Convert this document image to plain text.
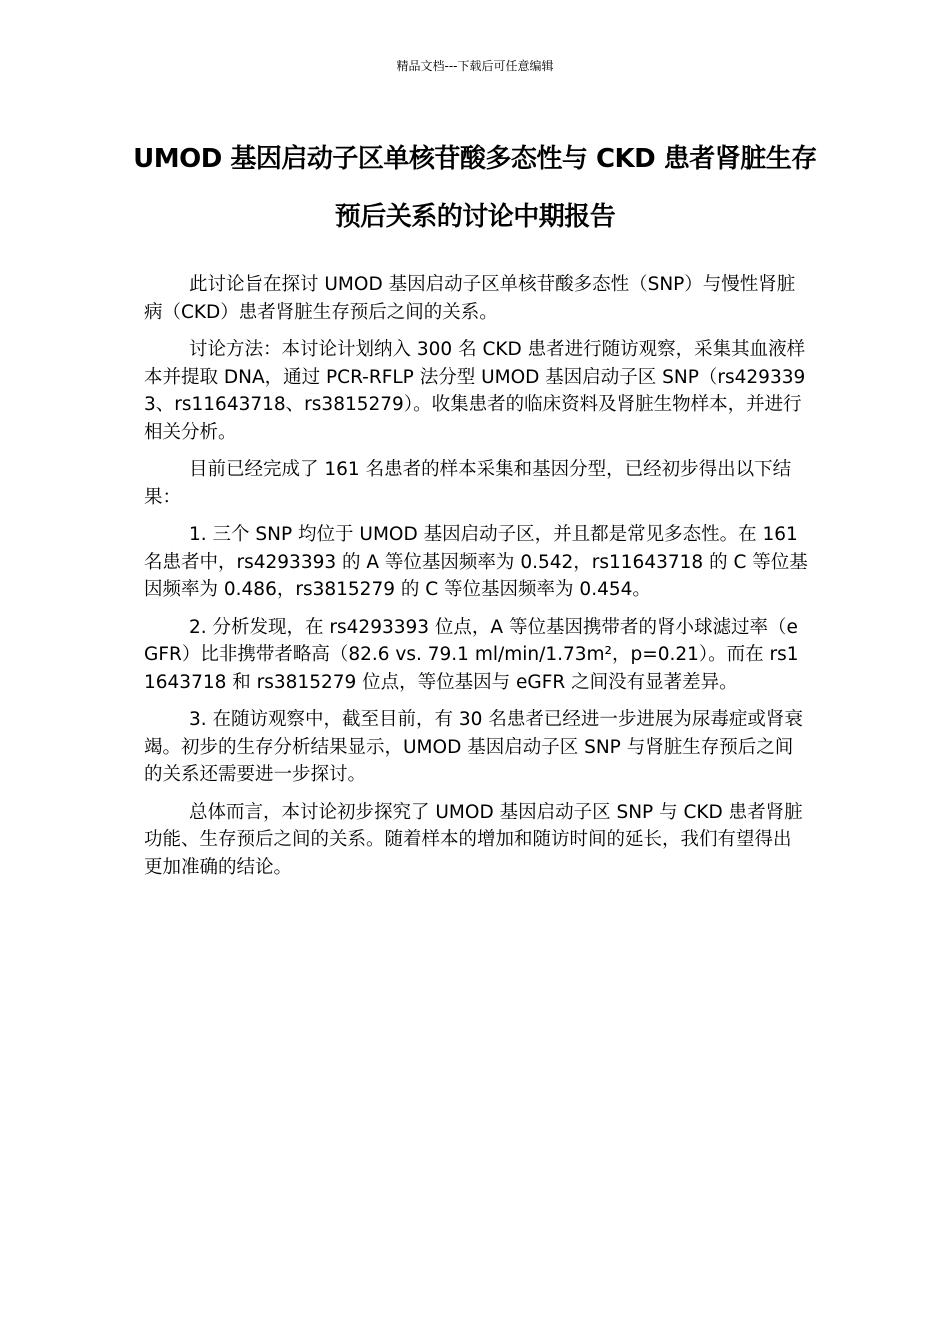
精品文档---下载后可任意编辑
UMOD 基因启动子区单核苷酸多态性与 CKD 患者肾脏生存预后关系的讨论中期报告

此讨论旨在探讨 UMOD 基因启动子区单核苷酸多态性（SNP）与慢性肾脏病（CKD）患者肾脏生存预后之间的关系。

讨论方法：本讨论计划纳入 300 名 CKD 患者进行随访观察，采集其血液样本并提取 DNA，通过 PCR-RFLP 法分型 UMOD 基因启动子区 SNP（rs4293393、rs11643718、rs3815279）。收集患者的临床资料及肾脏生物样本，并进行相关分析。

目前已经完成了 161 名患者的样本采集和基因分型，已经初步得出以下结果：

1. 三个 SNP 均位于 UMOD 基因启动子区，并且都是常见多态性。在 161 名患者中，rs4293393 的 A 等位基因频率为 0.542，rs11643718 的 C 等位基因频率为 0.486，rs3815279 的 C 等位基因频率为 0.454。

2. 分析发现，在 rs4293393 位点，A 等位基因携带者的肾小球滤过率（eGFR）比非携带者略高（82.6 vs. 79.1 ml/min/1.73m²，p=0.21）。而在 rs11643718 和 rs3815279 位点，等位基因与 eGFR 之间没有显著差异。

3. 在随访观察中，截至目前，有 30 名患者已经进一步进展为尿毒症或肾衰竭。初步的生存分析结果显示，UMOD 基因启动子区 SNP 与肾脏生存预后之间的关系还需要进一步探讨。

总体而言，本讨论初步探究了 UMOD 基因启动子区 SNP 与 CKD 患者肾脏功能、生存预后之间的关系。随着样本的增加和随访时间的延长，我们有望得出更加准确的结论。
